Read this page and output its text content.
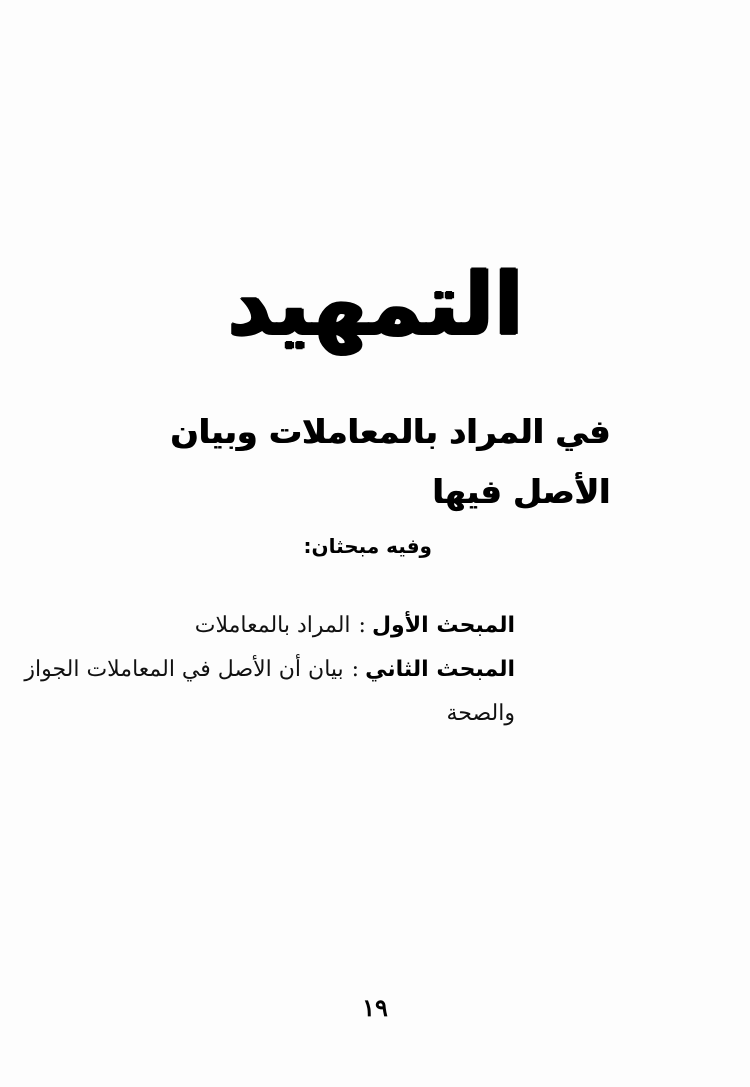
التمهيد
في المراد بالمعاملات وبيان الأصل فيها
وفيه مبحثان:
المبحث الأول
:
المراد بالمعاملات
المبحث الثاني
:
بيان أن الأصل في المعاملات الجواز
والصحة
١٩
